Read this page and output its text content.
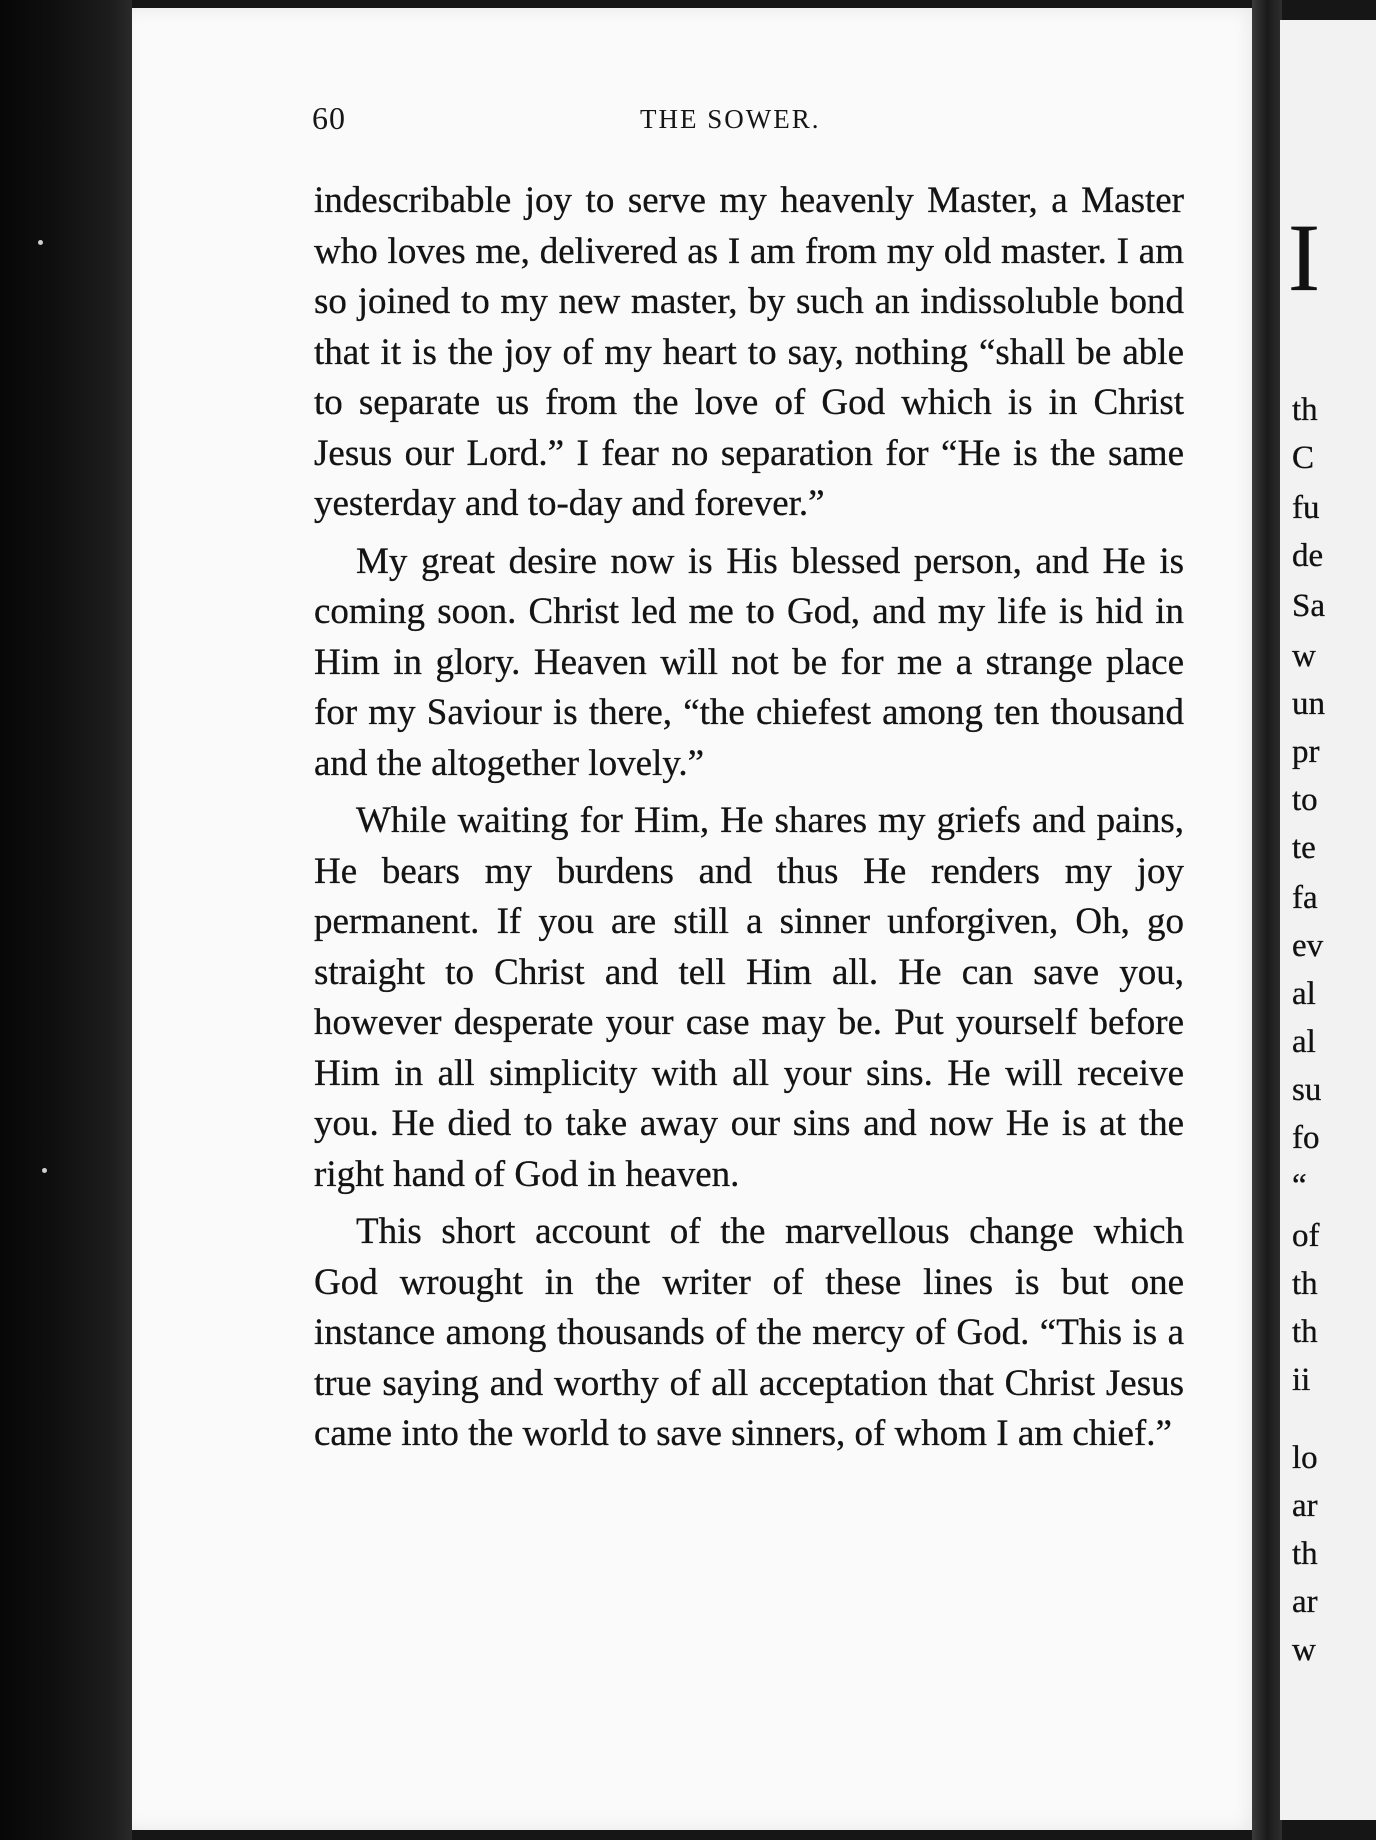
60	THE SOWER.

indescribable joy to serve my heavenly Master, a Master who loves me, delivered as I am from my old master. I am so joined to my new master, by such an indissoluble bond that it is the joy of my heart to say, nothing “shall be able to separate us from the love of God which is in Christ Jesus our Lord.” I fear no separation for “He is the same yesterday and to-day and forever.”

My great desire now is His blessed person, and He is coming soon. Christ led me to God, and my life is hid in Him in glory. Heaven will not be for me a strange place for my Saviour is there, “the chiefest among ten thousand and the altogether lovely.”

While waiting for Him, He shares my griefs and pains, He bears my burdens and thus He renders my joy permanent. If you are still a sinner unforgiven, Oh, go straight to Christ and tell Him all. He can save you, however desperate your case may be. Put yourself before Him in all simplicity with all your sins. He will receive you. He died to take away our sins and now He is at the right hand of God in heaven.

This short account of the marvellous change which God wrought in the writer of these lines is but one instance among thousands of the mercy of God. “This is a true saying and worthy of all acceptation that Christ Jesus came into the world to save sinners, of whom I am chief.”

I
th
C
fu
de
Sa
w
un
pr
to
te
fa
ev
al
al
su
fo
“
of
th
th
ii
lo
ar
th
ar
w
